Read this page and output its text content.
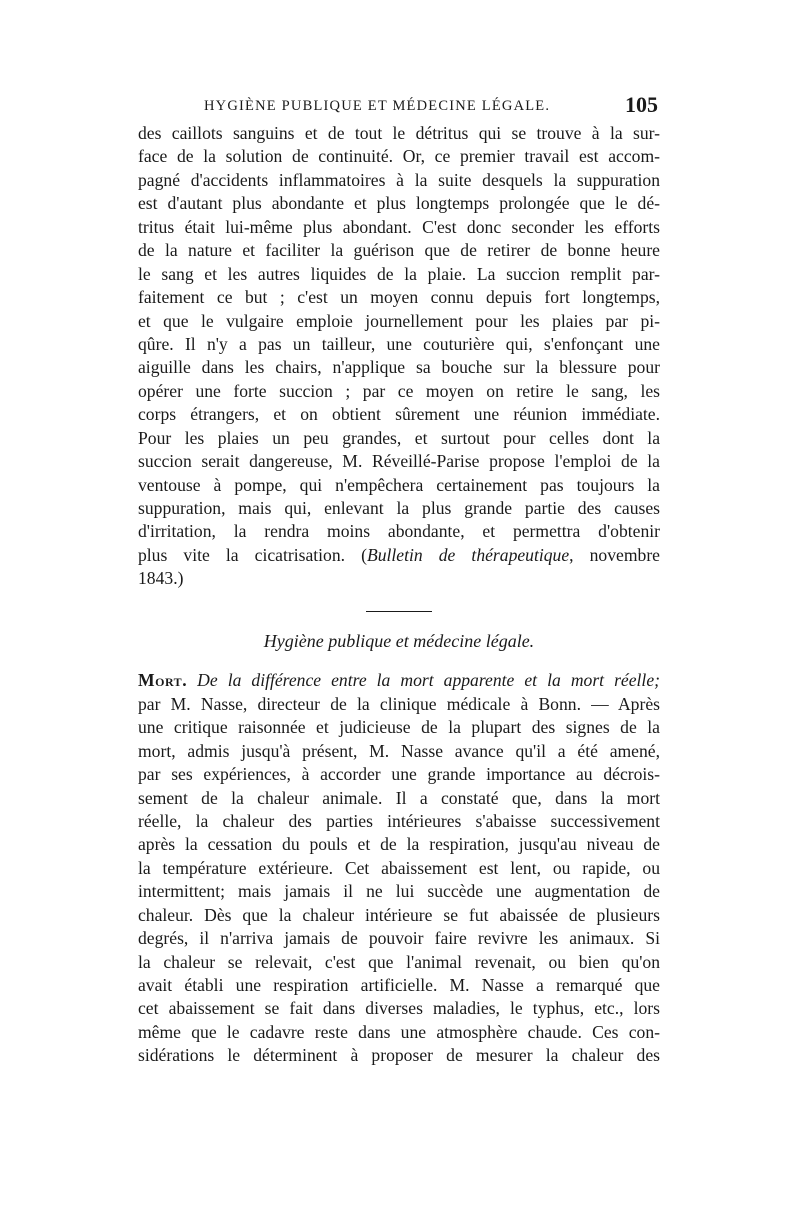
HYGIÈNE PUBLIQUE ET MÉDECINE LÉGALE.	105
des caillots sanguins et de tout le détritus qui se trouve à la sur-
face de la solution de continuité. Or, ce premier travail est accom-
pagné d'accidents inflammatoires à la suite desquels la suppuration
est d'autant plus abondante et plus longtemps prolongée que le dé-
tritus était lui-même plus abondant. C'est donc seconder les efforts
de la nature et faciliter la guérison que de retirer de bonne heure
le sang et les autres liquides de la plaie. La succion remplit par-
faitement ce but ; c'est un moyen connu depuis fort longtemps,
et que le vulgaire emploie journellement pour les plaies par pi-
qûre. Il n'y a pas un tailleur, une couturière qui, s'enfonçant une
aiguille dans les chairs, n'applique sa bouche sur la blessure pour
opérer une forte succion ; par ce moyen on retire le sang, les
corps étrangers, et on obtient sûrement une réunion immédiate.
Pour les plaies un peu grandes, et surtout pour celles dont la
succion serait dangereuse, M. Réveillé-Parise propose l'emploi de la
ventouse à pompe, qui n'empêchera certainement pas toujours la
suppuration, mais qui, enlevant la plus grande partie des causes
d'irritation, la rendra moins abondante, et permettra d'obtenir
plus vite la cicatrisation. (Bulletin de thérapeutique, novembre
1843.)
Hygiène publique et médecine légale.
Mort. De la différence entre la mort apparente et la mort réelle;
par M. Nasse, directeur de la clinique médicale à Bonn. — Après
une critique raisonnée et judicieuse de la plupart des signes de la
mort, admis jusqu'à présent, M. Nasse avance qu'il a été amené,
par ses expériences, à accorder une grande importance au décrois-
sement de la chaleur animale. Il a constaté que, dans la mort
réelle, la chaleur des parties intérieures s'abaisse successivement
après la cessation du pouls et de la respiration, jusqu'au niveau de
la température extérieure. Cet abaissement est lent, ou rapide, ou
intermittent; mais jamais il ne lui succède une augmentation de
chaleur. Dès que la chaleur intérieure se fut abaissée de plusieurs
degrés, il n'arriva jamais de pouvoir faire revivre les animaux. Si
la chaleur se relevait, c'est que l'animal revenait, ou bien qu'on
avait établi une respiration artificielle. M. Nasse a remarqué que
cet abaissement se fait dans diverses maladies, le typhus, etc., lors
même que le cadavre reste dans une atmosphère chaude. Ces con-
sidérations le déterminent à proposer de mesurer la chaleur des
